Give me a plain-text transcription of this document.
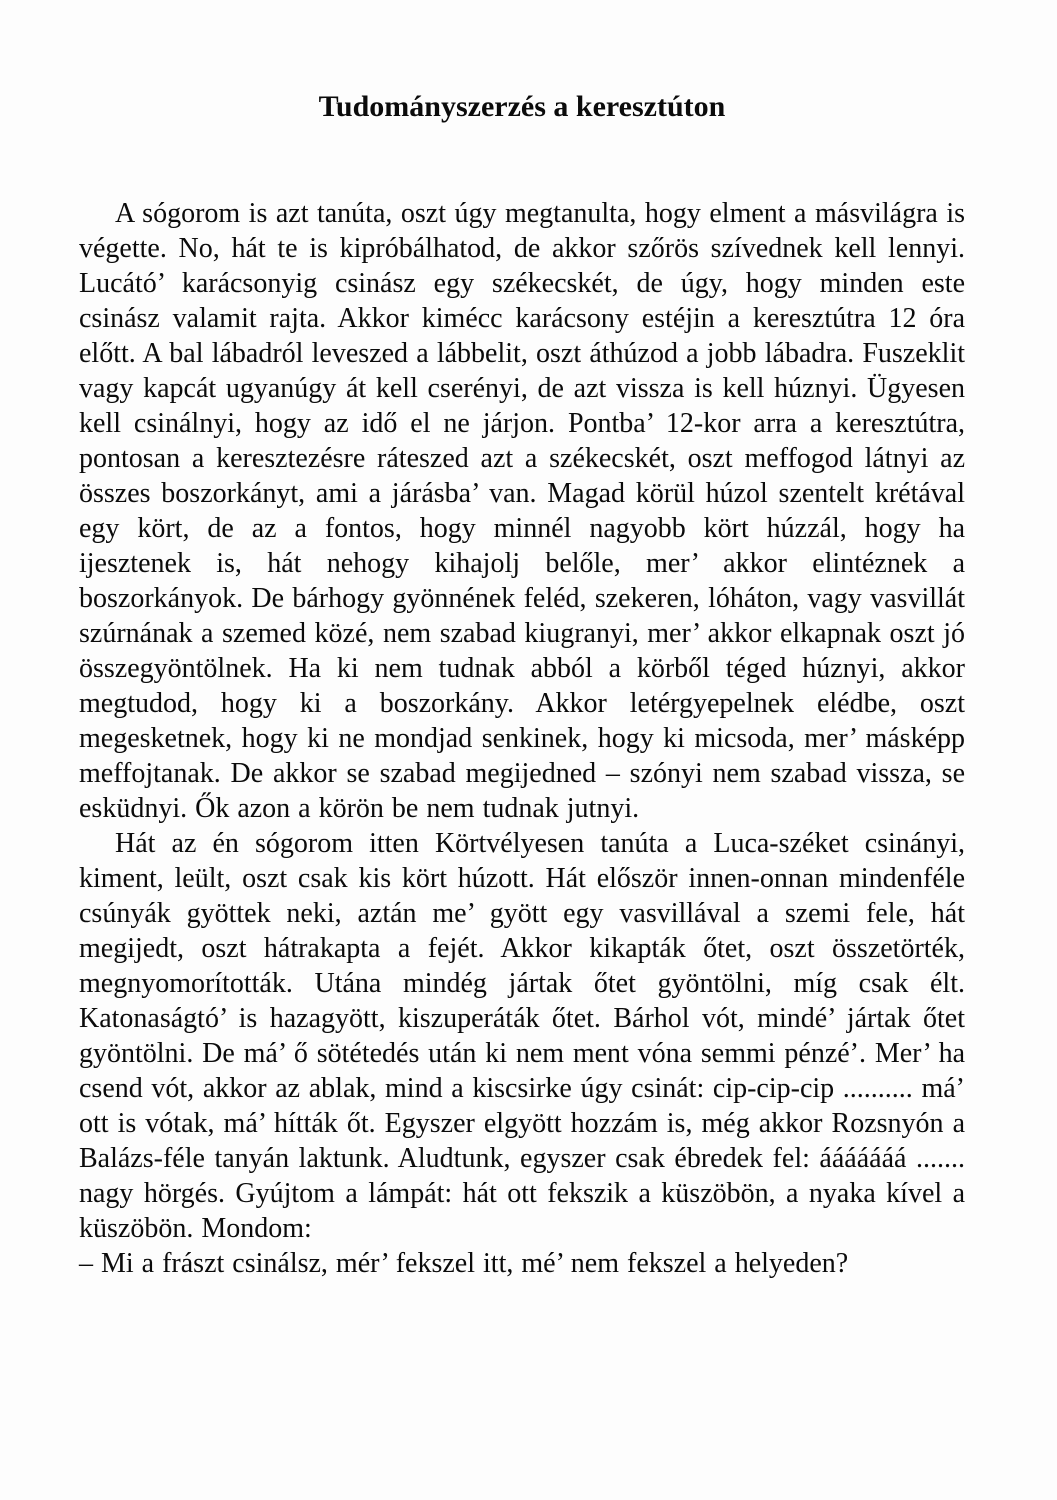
Tudományszerzés a keresztúton

A sógorom is azt tanúta, oszt úgy megtanulta, hogy elment a másvilágra is végette. No, hát te is kipróbálhatod, de akkor szőrös szívednek kell lennyi. Lucátó’ karácsonyig csinász egy székecskét, de úgy, hogy minden este csinász valamit rajta. Akkor kimécc karácsony estéjin a keresztútra 12 óra előtt. A bal lábadról leveszed a lábbelit, oszt áthúzod a jobb lábadra. Fuszeklit vagy kapcát ugyanúgy át kell cserényi, de azt vissza is kell húznyi. Ügyesen kell csinálnyi, hogy az idő el ne járjon. Pontba’ 12-kor arra a keresztútra, pontosan a keresztezésre ráteszed azt a székecskét, oszt meffogod látnyi az összes boszorkányt, ami a járásba’ van. Magad körül húzol szentelt krétával egy kört, de az a fontos, hogy minnél nagyobb kört húzzál, hogy ha ijesztenek is, hát nehogy kihajolj belőle, mer’ akkor elintéznek a boszorkányok. De bárhogy gyönnének feléd, szekeren, lóháton, vagy vasvillát szúrnának a szemed közé, nem szabad kiugranyi, mer’ akkor elkapnak oszt jó összegyöntölnek. Ha ki nem tudnak abból a körből téged húznyi, akkor megtudod, hogy ki a boszorkány. Akkor letérgyepelnek elédbe, oszt megesketnek, hogy ki ne mondjad senkinek, hogy ki micsoda, mer’ másképp meffojtanak. De akkor se szabad megijedned – szónyi nem szabad vissza, se esküdnyi. Ők azon a körön be nem tudnak jutnyi.

Hát az én sógorom itten Körtvélyesen tanúta a Luca-széket csinányi, kiment, leült, oszt csak kis kört húzott. Hát először innen-onnan mindenféle csúnyák gyöttek neki, aztán me’ gyött egy vasvillával a szemi fele, hát megijedt, oszt hátrakapta a fejét. Akkor kikapták őtet, oszt összetörték, megnyomorították. Utána mindég jártak őtet gyöntölni, míg csak élt. Katonaságtó’ is hazagyött, kiszuperáták őtet. Bárhol vót, mindé’ jártak őtet gyöntölni. De má’ ő sötétedés után ki nem ment vóna semmi pénzé’. Mer’ ha csend vót, akkor az ablak, mind a kiscsirke úgy csinát: cip-cip-cip .......... má’ ott is vótak, má’ hítták őt. Egyszer elgyött hozzám is, még akkor Rozsnyón a Balázs-féle tanyán laktunk. Aludtunk, egyszer csak ébredek fel: ááááááá ....... nagy hörgés. Gyújtom a lámpát: hát ott fekszik a küszöbön, a nyaka kível a küszöbön. Mondom:

– Mi a frászt csinálsz, mér’ fekszel itt, mé’ nem fekszel a helyeden?
